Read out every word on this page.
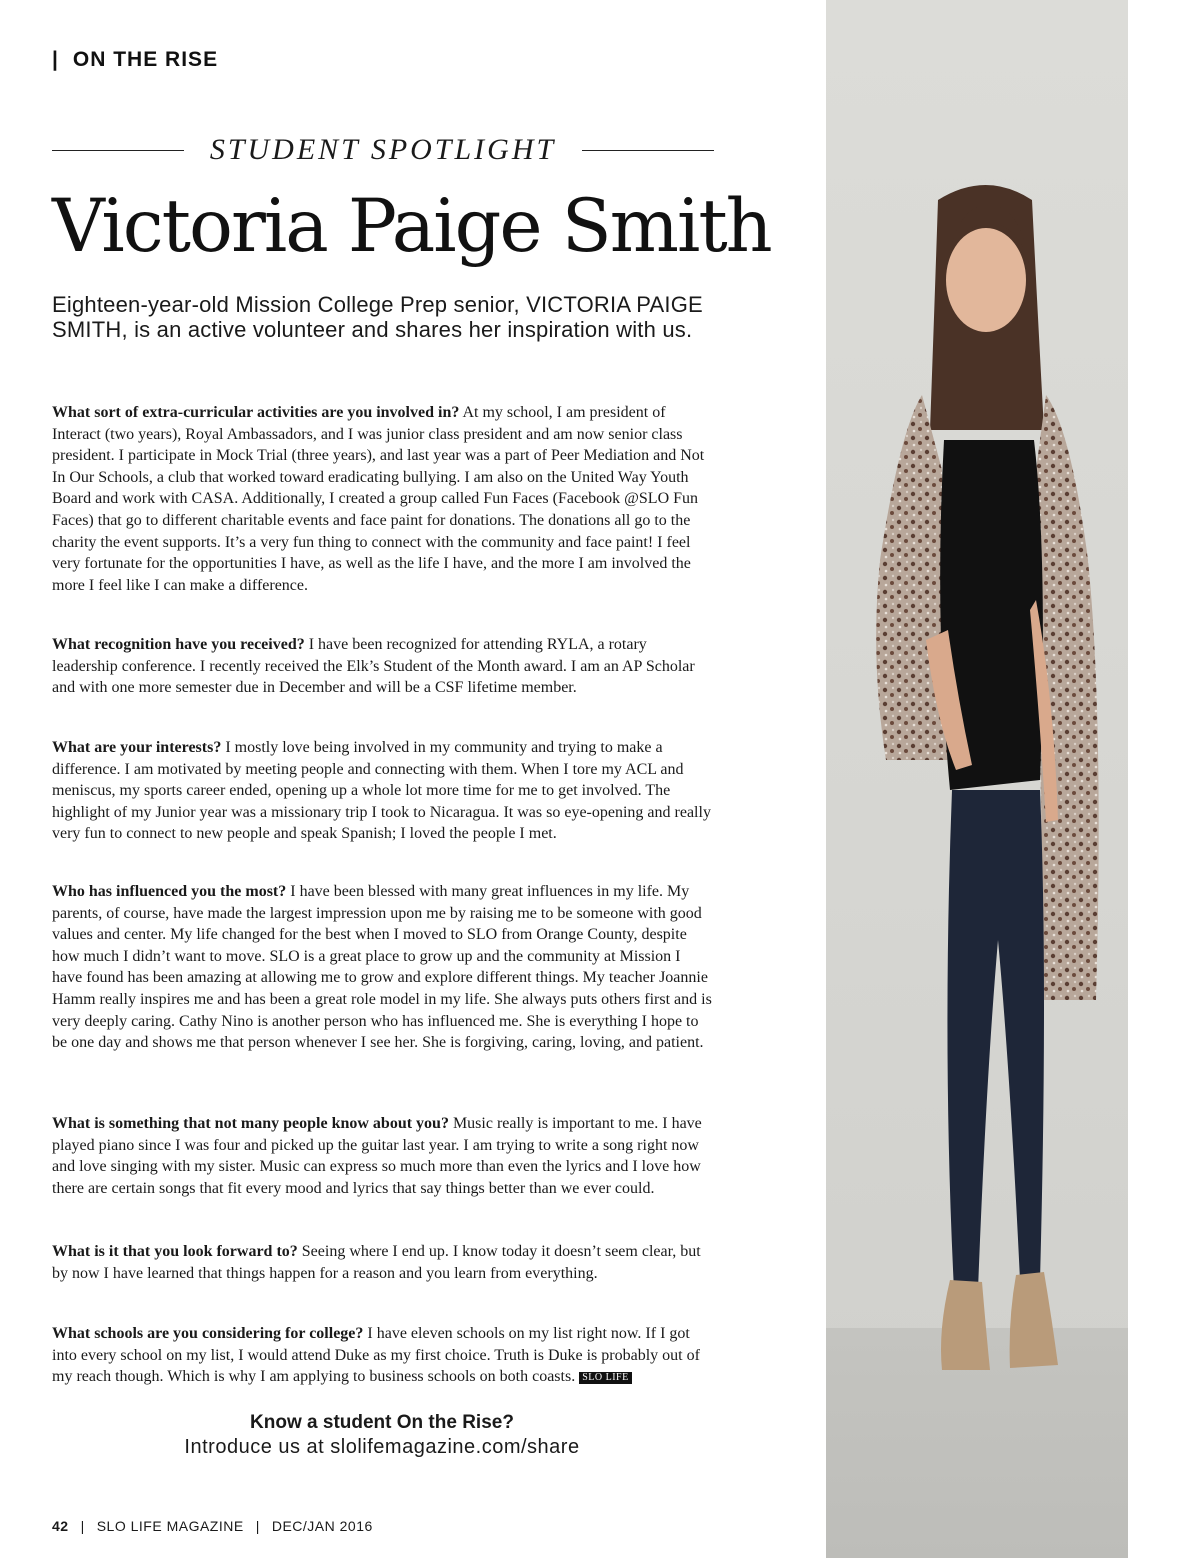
| ON THE RISE
STUDENT SPOTLIGHT
Victoria Paige Smith
Eighteen-year-old Mission College Prep senior, VICTORIA PAIGE SMITH, is an active volunteer and shares her inspiration with us.

What sort of extra-curricular activities are you involved in? At my school, I am president of Interact (two years), Royal Ambassadors, and I was junior class president and am now senior class president. I participate in Mock Trial (three years), and last year was a part of Peer Mediation and Not In Our Schools, a club that worked toward eradicating bullying. I am also on the United Way Youth Board and work with CASA. Additionally, I created a group called Fun Faces (Facebook @SLO Fun Faces) that go to different charitable events and face paint for donations. The donations all go to the charity the event supports. It’s a very fun thing to connect with the community and face paint! I feel very fortunate for the opportunities I have, as well as the life I have, and the more I am involved the more I feel like I can make a difference.

What recognition have you received? I have been recognized for attending RYLA, a rotary leadership conference. I recently received the Elk’s Student of the Month award. I am an AP Scholar and with one more semester due in December and will be a CSF lifetime member.

What are your interests? I mostly love being involved in my community and trying to make a difference. I am motivated by meeting people and connecting with them. When I tore my ACL and meniscus, my sports career ended, opening up a whole lot more time for me to get involved. The highlight of my Junior year was a missionary trip I took to Nicaragua. It was so eye-opening and really very fun to connect to new people and speak Spanish; I loved the people I met.

Who has influenced you the most? I have been blessed with many great influences in my life. My parents, of course, have made the largest impression upon me by raising me to be someone with good values and center. My life changed for the best when I moved to SLO from Orange County, despite how much I didn’t want to move. SLO is a great place to grow up and the community at Mission I have found has been amazing at allowing me to grow and explore different things. My teacher Joannie Hamm really inspires me and has been a great role model in my life. She always puts others first and is very deeply caring. Cathy Nino is another person who has influenced me. She is everything I hope to be one day and shows me that person whenever I see her. She is forgiving, caring, loving, and patient.

What is something that not many people know about you? Music really is important to me. I have played piano since I was four and picked up the guitar last year. I am trying to write a song right now and love singing with my sister. Music can express so much more than even the lyrics and I love how there are certain songs that fit every mood and lyrics that say things better than we ever could.

What is it that you look forward to? Seeing where I end up. I know today it doesn’t seem clear, but by now I have learned that things happen for a reason and you learn from everything.

What schools are you considering for college? I have eleven schools on my list right now. If I got into every school on my list, I would attend Duke as my first choice. Truth is Duke is probably out of my reach though. Which is why I am applying to business schools on both coasts. SLO LIFE

Know a student On the Rise?
Introduce us at slolifemagazine.com/share
42 | SLO LIFE MAGAZINE | DEC/JAN 2016
